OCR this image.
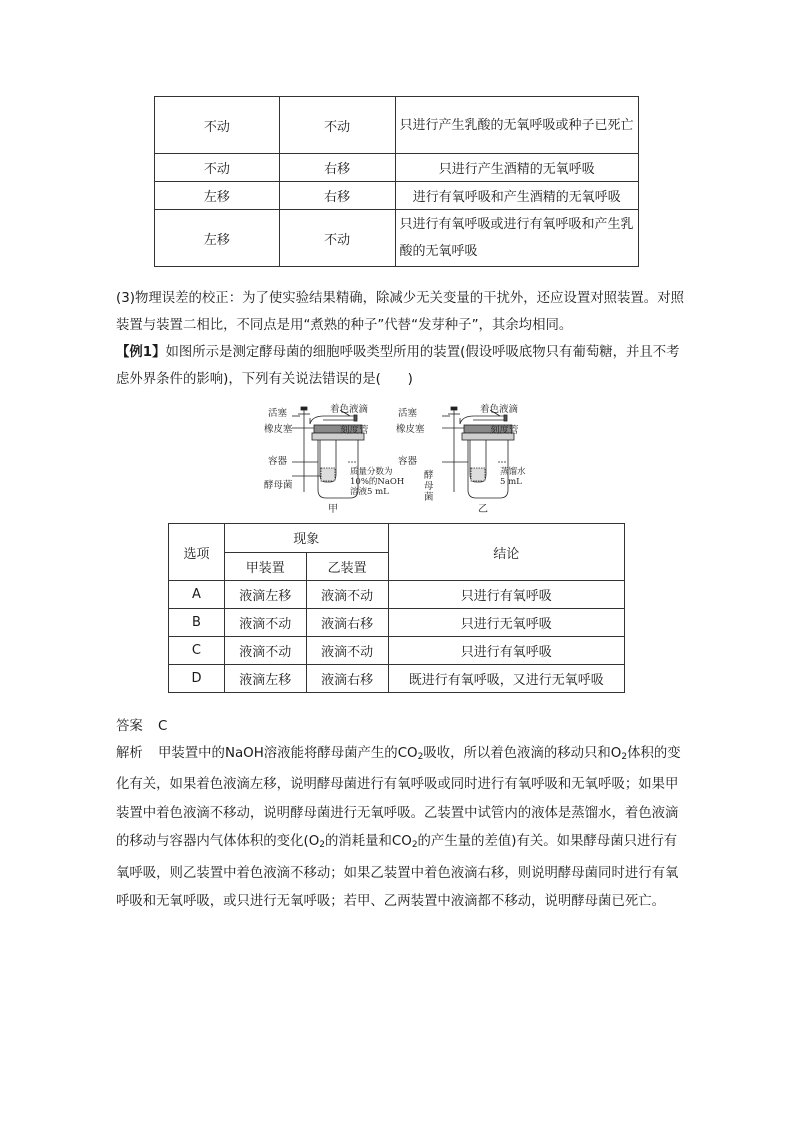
不动	不动	只进行产生乳酸的无氧呼吸或种子已死亡
不动	右移	只进行产生酒精的无氧呼吸
左移	右移	进行有氧呼吸和产生酒精的无氧呼吸
左移	不动	只进行有氧呼吸或进行有氧呼吸和产生乳酸的无氧呼吸
(3)物理误差的校正：为了使实验结果精确，除减少无关变量的干扰外，还应设置对照装置。对照装置与装置二相比，不同点是用“煮熟的种子”代替“发芽种子”，其余均相同。
【例1】如图所示是测定酵母菌的细胞呼吸类型所用的装置(假设呼吸底物只有葡萄糖，并且不考虑外界条件的影响)，下列有关说法错误的是(　　)
活塞
橡皮塞
容器
酵母菌
着色液滴
刻度管
质量分数为
10%的NaOH
溶液5 mL
甲
活塞
橡皮塞
容器
酵
母
菌
着色液滴
刻度管
蒸馏水
5 mL
乙
选项	现象		结论
	甲装置	乙装置	
A	液滴左移	液滴不动	只进行有氧呼吸
B	液滴不动	液滴右移	只进行无氧呼吸
C	液滴不动	液滴不动	只进行有氧呼吸
D	液滴左移	液滴右移	既进行有氧呼吸，又进行无氧呼吸
答案 C
解析 甲装置中的NaOH溶液能将酵母菌产生的$CO_2$吸收，所以着色液滴的移动只和$O_2$体积的变化有关，如果着色液滴左移，说明酵母菌进行有氧呼吸或同时进行有氧呼吸和无氧呼吸；如果甲装置中着色液滴不移动，说明酵母菌进行无氧呼吸。乙装置中试管内的液体是蒸馏水，着色液滴的移动与容器内气体体积的变化($O_2$的消耗量和$CO_2$的产生量的差值)有关。如果酵母菌只进行有氧呼吸，则乙装置中着色液滴不移动；如果乙装置中着色液滴右移，则说明酵母菌同时进行有氧呼吸和无氧呼吸，或只进行无氧呼吸；若甲、乙两装置中液滴都不移动，说明酵母菌已死亡。
